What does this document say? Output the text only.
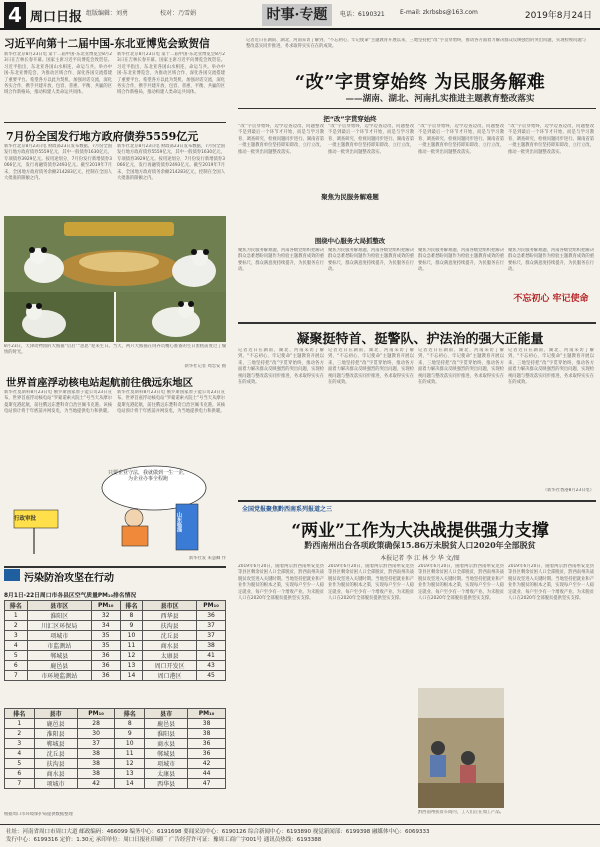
4 周口日报 组版编辑：刘勇	校对：乃雪娟	时事·专题	电话：6190321	E-mail: zkrbsbs@163.com	2019年8月24日
习近平向第十二届中国-东北亚博览会致贺信
新华社北京8月23日电 第十二届中国-东北亚博览会8月23日在吉林长春开幕。国家主席习近平向博览会致贺信。习近平指出，东北亚各国山水相连，命运与共。举办中国-东北亚博览会，为推动区域合作、深化各国交流搭建了重要平台。希望各方以此为契机，加强对话交流，深化务实合作，携手共建开放、包容、普惠、平衡、共赢的区域合作新格局，推动构建人类命运共同体。
新华社北京8月23日电 第十二届中国-东北亚博览会8月23日在吉林长春开幕。国家主席习近平向博览会致贺信。习近平指出，东北亚各国山水相连，命运与共。举办中国-东北亚博览会，为推动区域合作、深化各国交流搭建了重要平台。希望各方以此为契机，加强对话交流，深化务实合作，携手共建开放、包容、普惠、平衡、共赢的区域合作新格局，推动构建人类命运共同体。
7月份全国发行地方政府债券5559亿元
新华社北京8月23日电 财政部23日发布数据，7月份全国发行地方政府债券5559亿元，其中一般债券1630亿元，专项债券3929亿元。按用途划分，7月份发行新增债券3066亿元，发行再融资债券2493亿元。截至2019年7月末，全国地方政府债务余额214283亿元，控制在全国人大批准的限额之内。
新华社北京8月23日电 财政部23日发布数据，7月份全国发行地方政府债券5559亿元，其中一般债券1630亿元，专项债券3929亿元。按用途划分，7月份发行新增债券3066亿元，发行再融资债券2493亿元。截至2019年7月末，全国地方政府债务余额214283亿元，控制在全国人大批准的限额之内。
8月23日，天津动物园的大熊猫“启启”“思思”迎来生日。当天，两只大熊猫在饲养员精心准备的生日蛋糕前度过了愉快的时光。
新华社记者 周恋安 摄
世界首座浮动核电站起航前往俄远东地区
新华社莫斯科8月23日电 俄罗斯国家原子能公司23日宣布，世界首座浮动核电站“罗蒙诺索夫院士”号当天从摩尔曼斯克港起航，前往俄远东楚科奇自治区佩韦克港。该核电站预计将于年底前并网发电，为当地提供电力和供暖。
新华社莫斯科8月23日电 俄罗斯国家原子能公司23日宣布，世界首座浮动核电站“罗蒙诺索夫院士”号当天从摩尔曼斯克港起航，前往俄远东楚科奇自治区佩韦克港。该核电站预计将于年底前并网发电，为当地提供电力和供暖。
只要企业守法，我就做到一生一企，为企业办事全程跑
行政审批	山东临淄
新华社发 朱慧卿 作
污染防治攻坚在行动
8月1日-22日周口市各县区空气质量PM₁₀排名情况
排名	县市区	PM₁₀	排名	县市区	PM₁₀
1	淮阳区	32	8	西华县	36
2	川汇区环保局	34	9	扶沟县	37
3	项城市	35	10	沈丘县	37
4	市监测站	35	11	商水县	38
5	郸城县	36	12	太康县	41
6	鹿邑县	36	13	周口开发区	43
7	市环境监测站	36	14	周口港区	45
排名	县市	PM₁₀	排名	县市	PM₁₀
1	鹿邑县	28	8	鹿邑县	38
2	淮阳县	30	9	淮阳县	38
3	郸城县	37	10	商水县	36
4	沈丘县	38	11	郸城县	36
5	扶沟县	38	12	项城市	42
6	商水县	38	13	太康县	44
7	项城市	42	14	西华县	47
根据周口市环境保护局提供数据整理
记者近日在湖南、湖北、河南采访了解到，“不忘初心、牢记使命”主题教育开展以来，三地坚持把“改”字贯穿始终，推动各方面着力解决群众反映强烈的突出问题，实现检视问题与整改落实同步推进，务求取得实实在在的成效。
“改”字贯穿始终 为民服务解难
——湖南、湖北、河南扎实推进主题教育整改落实
把“改”字贯穿始终
“改”字贯穿始终，边学边查边改，问题整改不是到最后一个环节才开始，而是与学习教育、调查研究、检视问题同步进行。湖南省第一批主题教育单位坚持即知即改、立行立改，推动一批突出问题整改落实。
“改”字贯穿始终，边学边查边改，问题整改不是到最后一个环节才开始，而是与学习教育、调查研究、检视问题同步进行。湖南省第一批主题教育单位坚持即知即改、立行立改，推动一批突出问题整改落实。
“改”字贯穿始终，边学边查边改，问题整改不是到最后一个环节才开始，而是与学习教育、调查研究、检视问题同步进行。湖南省第一批主题教育单位坚持即知即改、立行立改，推动一批突出问题整改落实。
“改”字贯穿始终，边学边查边改，问题整改不是到最后一个环节才开始，而是与学习教育、调查研究、检视问题同步进行。湖南省第一批主题教育单位坚持即知即改、立行立改，推动一批突出问题整改落实。
聚焦为民服务解难题
聚焦为民服务解难题，河南各级党组织把解决群众急难愁盼问题作为检验主题教育成效的重要标尺，群众满意度持续提升，为民服务在行动。
聚焦为民服务解难题，河南各级党组织把解决群众急难愁盼问题作为检验主题教育成效的重要标尺，群众满意度持续提升，为民服务在行动。
聚焦为民服务解难题，河南各级党组织把解决群众急难愁盼问题作为检验主题教育成效的重要标尺，群众满意度持续提升，为民服务在行动。
围绕中心服务大局抓整改
聚焦为民服务解难题，河南各级党组织把解决群众急难愁盼问题作为检验主题教育成效的重要标尺，群众满意度持续提升，为民服务在行动。
不忘初心 牢记使命
凝聚挺特首、挺警队、护法治的强大正能量
记者近日在湖南、湖北、河南采访了解到，“不忘初心、牢记使命”主题教育开展以来，三地坚持把“改”字贯穿始终，推动各方面着力解决群众反映强烈的突出问题，实现检视问题与整改落实同步推进，务求取得实实在在的成效。
记者近日在湖南、湖北、河南采访了解到，“不忘初心、牢记使命”主题教育开展以来，三地坚持把“改”字贯穿始终，推动各方面着力解决群众反映强烈的突出问题，实现检视问题与整改落实同步推进，务求取得实实在在的成效。
记者近日在湖南、湖北、河南采访了解到，“不忘初心、牢记使命”主题教育开展以来，三地坚持把“改”字贯穿始终，推动各方面着力解决群众反映强烈的突出问题，实现检视问题与整改落实同步推进，务求取得实实在在的成效。
记者近日在湖南、湖北、河南采访了解到，“不忘初心、牢记使命”主题教育开展以来，三地坚持把“改”字贯穿始终，推动各方面着力解决群众反映强烈的突出问题，实现检视问题与整改落实同步推进，务求取得实实在在的成效。
（新华社香港8月23日电）
全国党报聚焦黔西南系列报道之三
“两业”工作为大决战提供强力支撑
黔西南州出台各项政策确保15.86万未脱贫人口2020年全部脱贫
本报记者 李 江 林 少 华 文/图
2019年6月20日，随着两宗黔西南州安龙县等县区剩余贫困人口全部脱贫，黔西南州决战脱贫攻坚进入关键时期。当地坚持把就业和产业作为脱贫的根本之策，实现每户至少一人稳定就业、每户至少有一个增收产业。为未脱贫人口在2020年全部脱贫提供坚实支撑。
2019年6月20日，随着两宗黔西南州安龙县等县区剩余贫困人口全部脱贫，黔西南州决战脱贫攻坚进入关键时期。当地坚持把就业和产业作为脱贫的根本之策，实现每户至少一人稳定就业、每户至少有一个增收产业。为未脱贫人口在2020年全部脱贫提供坚实支撑。
2019年6月20日，随着两宗黔西南州安龙县等县区剩余贫困人口全部脱贫，黔西南州决战脱贫攻坚进入关键时期。当地坚持把就业和产业作为脱贫的根本之策，实现每户至少一人稳定就业、每户至少有一个增收产业。为未脱贫人口在2020年全部脱贫提供坚实支撑。
2019年6月20日，随着两宗黔西南州安龙县等县区剩余贫困人口全部脱贫，黔西南州决战脱贫攻坚进入关键时期。当地坚持把就业和产业作为脱贫的根本之策，实现每户至少一人稳定就业、每户至少有一个增收产业。为未脱贫人口在2020年全部脱贫提供坚实支撑。
黔西南州扶贫车间内，工人们正在加工产品。
社址：河南省周口市周口大道 邮政编码：466099 编务中心：6191698 要闻采访中心：6190126 综合新闻中心：6193890 视觉新闻部：6199398 融媒体中心：6069333
发行中心：6199316 定价：1.30元 承印单位：周口日报社印刷厂 广告经营许可证：豫周工商广字001号 通讯员热线：6193388
